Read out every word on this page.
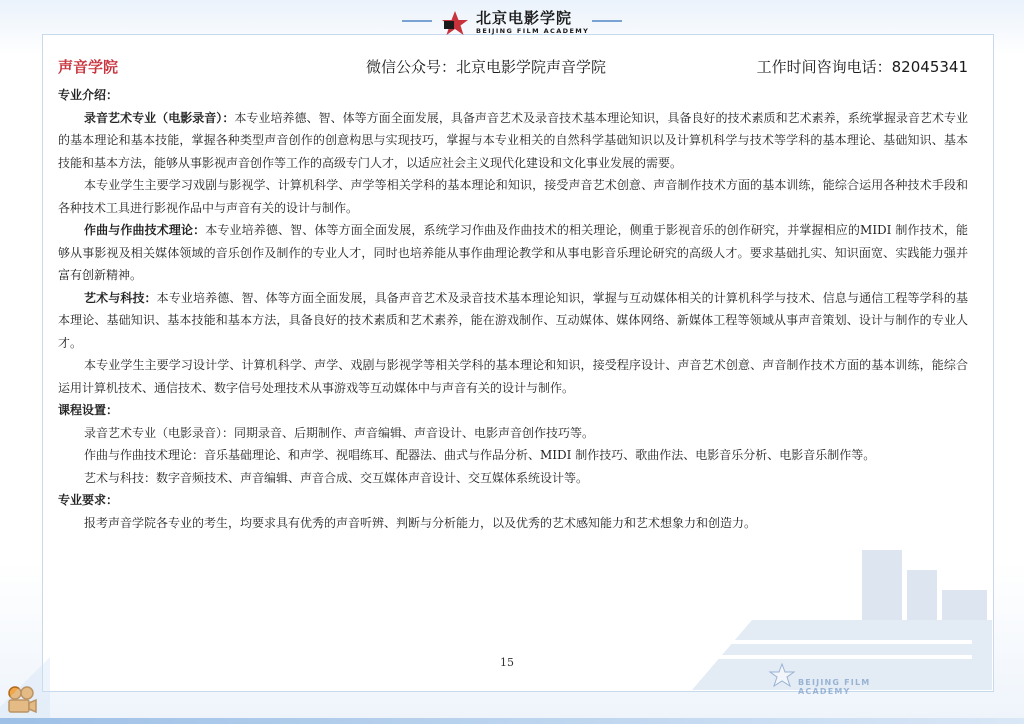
北京电影学院
BEIJING FILM ACADEMY
声音学院	微信公众号：北京电影学院声音学院	工作时间咨询电话：82045341

专业介绍：

录音艺术专业（电影录音）：本专业培养德、智、体等方面全面发展，具备声音艺术及录音技术基本理论知识，具备良好的技术素质和艺术素养，系统掌握录音艺术专业的基本理论和基本技能，掌握各种类型声音创作的创意构思与实现技巧，掌握与本专业相关的自然科学基础知识以及计算机科学与技术等学科的基本理论、基础知识、基本技能和基本方法，能够从事影视声音创作等工作的高级专门人才，以适应社会主义现代化建设和文化事业发展的需要。

本专业学生主要学习戏剧与影视学、计算机科学、声学等相关学科的基本理论和知识，接受声音艺术创意、声音制作技术方面的基本训练，能综合运用各种技术手段和各种技术工具进行影视作品中与声音有关的设计与制作。

作曲与作曲技术理论：本专业培养德、智、体等方面全面发展，系统学习作曲及作曲技术的相关理论，侧重于影视音乐的创作研究，并掌握相应的MIDI 制作技术，能够从事影视及相关媒体领域的音乐创作及制作的专业人才，同时也培养能从事作曲理论教学和从事电影音乐理论研究的高级人才。要求基础扎实、知识面宽、实践能力强并富有创新精神。

艺术与科技：本专业培养德、智、体等方面全面发展，具备声音艺术及录音技术基本理论知识，掌握与互动媒体相关的计算机科学与技术、信息与通信工程等学科的基本理论、基础知识、基本技能和基本方法，具备良好的技术素质和艺术素养，能在游戏制作、互动媒体、媒体网络、新媒体工程等领域从事声音策划、设计与制作的专业人才。

本专业学生主要学习设计学、计算机科学、声学、戏剧与影视学等相关学科的基本理论和知识，接受程序设计、声音艺术创意、声音制作技术方面的基本训练，能综合运用计算机技术、通信技术、数字信号处理技术从事游戏等互动媒体中与声音有关的设计与制作。

课程设置：

录音艺术专业（电影录音）：同期录音、后期制作、声音编辑、声音设计、电影声音创作技巧等。

作曲与作曲技术理论：音乐基础理论、和声学、视唱练耳、配器法、曲式与作品分析、MIDI 制作技巧、歌曲作法、电影音乐分析、电影音乐制作等。

艺术与科技：数字音频技术、声音编辑、声音合成、交互媒体声音设计、交互媒体系统设计等。

专业要求：

报考声音学院各专业的考生，均要求具有优秀的声音听辨、判断与分析能力，以及优秀的艺术感知能力和艺术想象力和创造力。

15
BEIJING FILM ACADEMY
